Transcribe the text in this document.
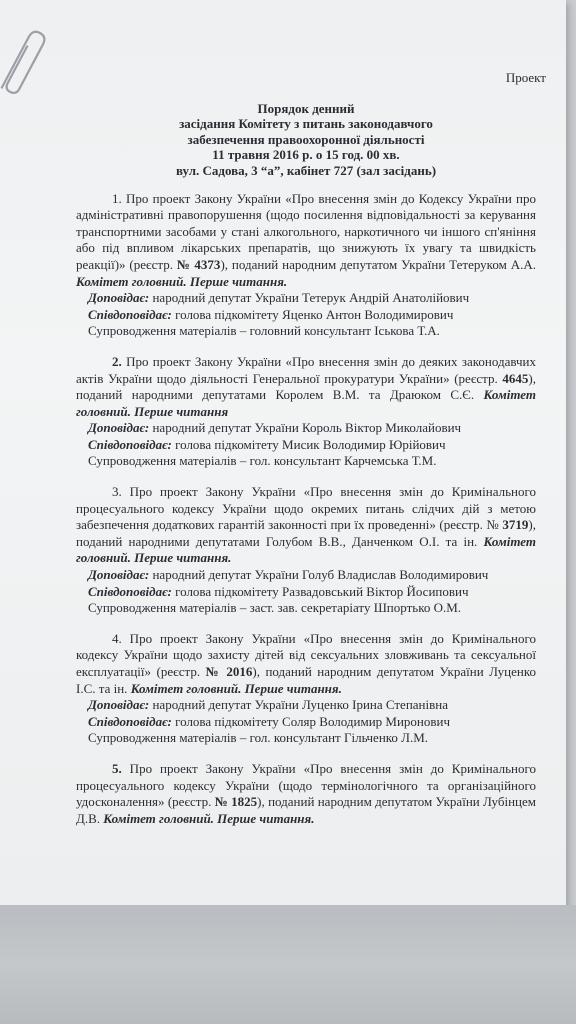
Проект
Порядок денний
засідання Комітету з питань законодавчого
забезпечення правоохоронної діяльності
11 травня 2016 р. о 15 год. 00 хв.
вул. Садова, 3 “а”, кабінет 727 (зал засідань)

1. Про проект Закону України «Про внесення змін до Кодексу України про адміністративні правопорушення (щодо посилення відповідальності за керування транспортними засобами у стані алкогольного, наркотичного чи іншого сп'яніння або під впливом лікарських препаратів, що знижують їх увагу та швидкість реакції)» (реєстр. № 4373), поданий народним депутатом України Тетеруком А.А. Комітет головний. Перше читання.

Доповідає: народний депутат України Тетерук Андрій Анатолійович
Співдоповідає: голова підкомітету Яценко Антон Володимирович
Супроводження матеріалів – головний консультант Іськова Т.А.

2. Про проект Закону України «Про внесення змін до деяких законодавчих актів України щодо діяльності Генеральної прокуратури України» (реєстр. 4645), поданий народними депутатами Королем В.М. та Драюком С.Є. Комітет головний. Перше читання

Доповідає: народний депутат України Король Віктор Миколайович
Співдоповідає: голова підкомітету Мисик Володимир Юрійович
Супроводження матеріалів – гол. консультант Карчемська Т.М.

3. Про проект Закону України «Про внесення змін до Кримінального процесуального кодексу України щодо окремих питань слідчих дій з метою забезпечення додаткових гарантій законності при їх проведенні» (реєстр. № 3719), поданий народними депутатами Голубом В.В., Данченком О.І. та ін. Комітет головний. Перше читання.

Доповідає: народний депутат України Голуб Владислав Володимирович
Співдоповідає: голова підкомітету Развадовський Віктор Йосипович
Супроводження матеріалів – заст. зав. секретаріату Шпортько О.М.

4. Про проект Закону України «Про внесення змін до Кримінального кодексу України щодо захисту дітей від сексуальних зловживань та сексуальної експлуатації» (реєстр. № 2016), поданий народним депутатом України Луценко І.С. та ін. Комітет головний. Перше читання.

Доповідає: народний депутат України Луценко Ірина Степанівна
Співдоповідає: голова підкомітету Соляр Володимир Миронович
Супроводження матеріалів – гол. консультант Гільченко Л.М.

5. Про проект Закону України «Про внесення змін до Кримінального процесуального кодексу України (щодо термінологічного та організаційного удосконалення» (реєстр. № 1825), поданий народним депутатом України Лубінцем Д.В. Комітет головний. Перше читання.
